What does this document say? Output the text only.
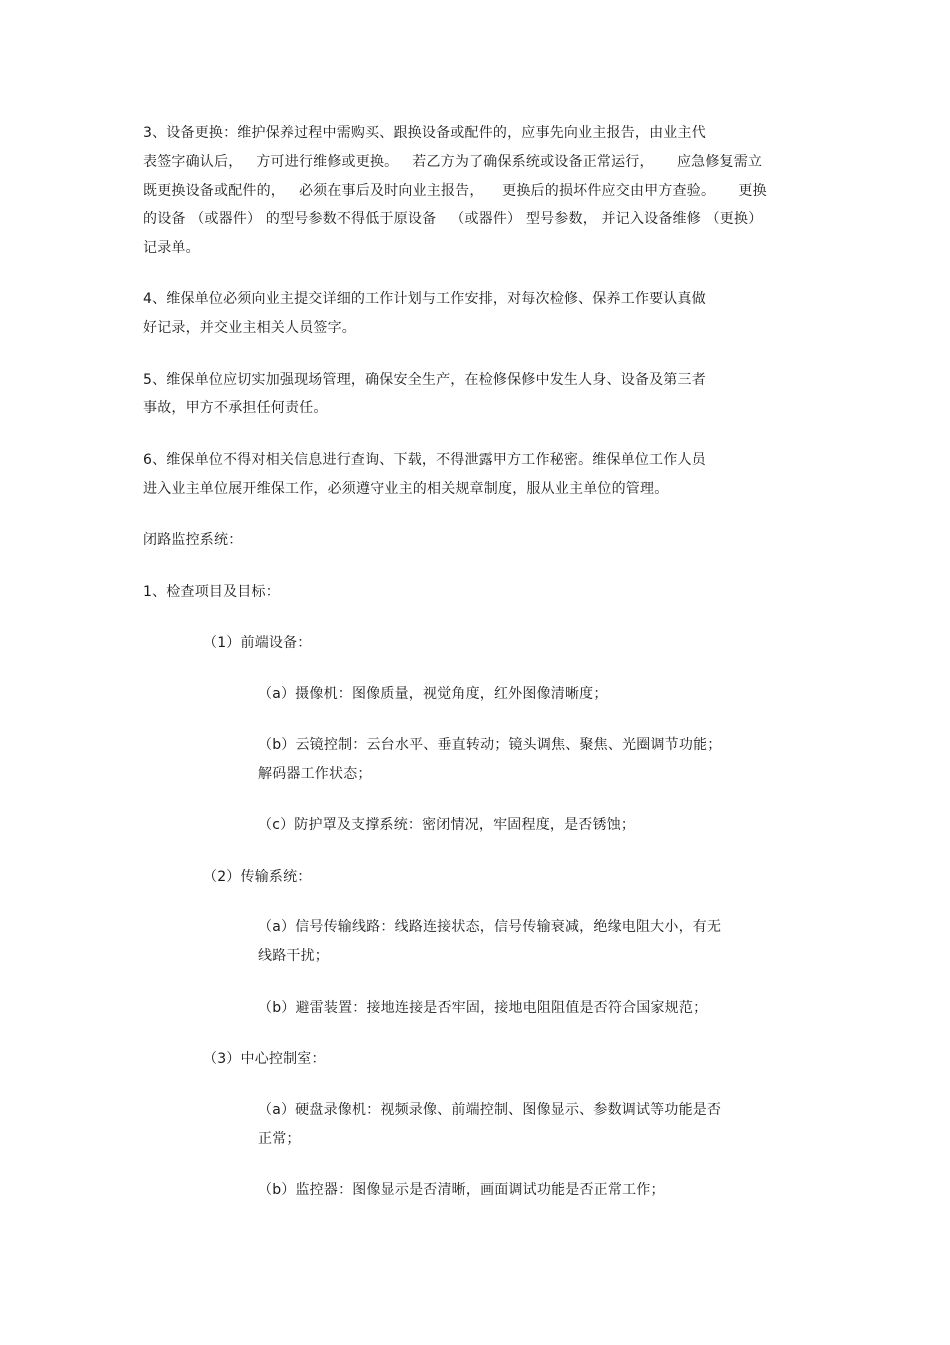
3、设备更换：维护保养过程中需购买、跟换设备或配件的，应事先向业主报告，由业主代
表签字确认后，   方可进行维修或更换。   若乙方为了确保系统或设备正常运行，     应急修复需立
既更换设备或配件的，   必须在事后及时向业主报告，    更换后的损坏件应交由甲方查验。     更换
的设备 （或器件） 的型号参数不得低于原设备   （或器件） 型号参数， 并记入设备维修 （更换）
记录单。
4、维保单位必须向业主提交详细的工作计划与工作安排，对每次检修、保养工作要认真做
好记录，并交业主相关人员签字。
5、维保单位应切实加强现场管理，确保安全生产，在检修保修中发生人身、设备及第三者
事故，甲方不承担任何责任。
6、维保单位不得对相关信息进行查询、下载，不得泄露甲方工作秘密。维保单位工作人员
进入业主单位展开维保工作，必须遵守业主的相关规章制度，服从业主单位的管理。
闭路监控系统：
1、检查项目及目标：
（1）前端设备：
（a）摄像机：图像质量，视觉角度，红外图像清晰度；
（b）云镜控制：云台水平、垂直转动；镜头调焦、聚焦、光圈调节功能；
解码器工作状态；
（c）防护罩及支撑系统：密闭情况，牢固程度，是否锈蚀；
（2）传输系统：
（a）信号传输线路：线路连接状态，信号传输衰减，绝缘电阻大小，有无
线路干扰；
（b）避雷装置：接地连接是否牢固，接地电阻阻值是否符合国家规范；
（3）中心控制室：
（a）硬盘录像机：视频录像、前端控制、图像显示、参数调试等功能是否
正常；
（b）监控器：图像显示是否清晰，画面调试功能是否正常工作；
